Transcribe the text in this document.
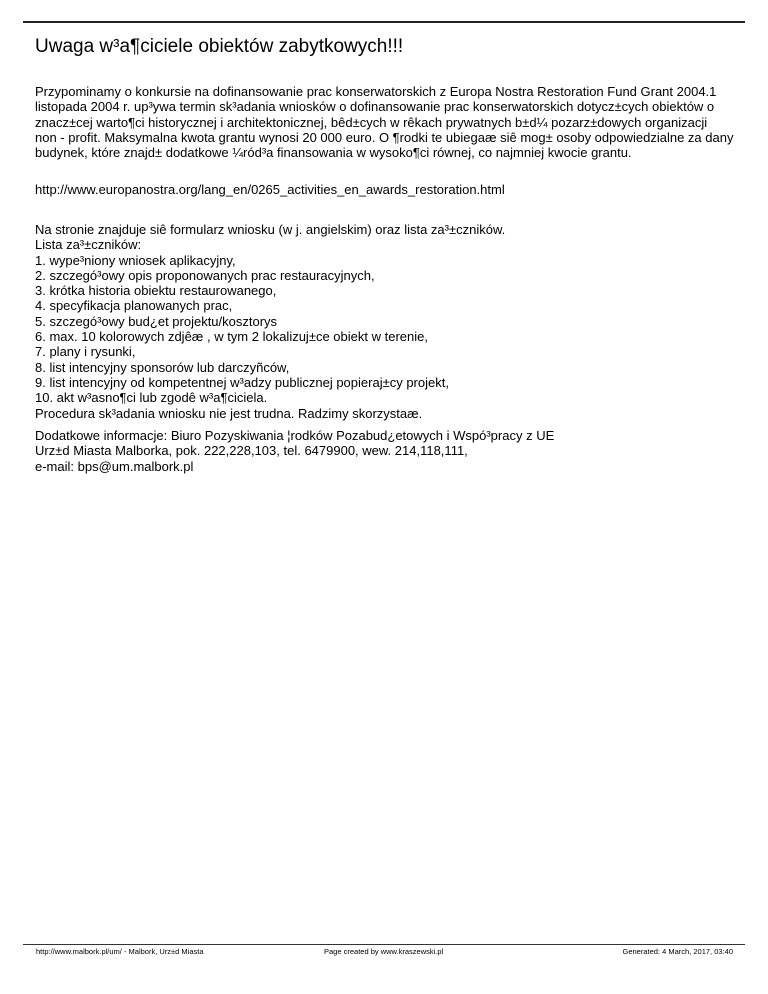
Uwaga w³a¶ciciele obiektów zabytkowych!!!
Przypominamy o konkursie na dofinansowanie prac konserwatorskich z Europa Nostra Restoration Fund Grant 2004.1
listopada 2004 r. up³ywa termin sk³adania wniosków o dofinansowanie prac konserwatorskich dotycz±cych obiektów o
znacz±cej warto¶ci historycznej i architektonicznej, bêd±cych w rêkach prywatnych b±d¼ pozarz±dowych organizacji
non - profit. Maksymalna kwota grantu wynosi 20 000 euro. O ¶rodki te ubiegaæ siê mog± osoby odpowiedzialne za dany
budynek, które znajd± dodatkowe ¼ród³a finansowania w wysoko¶ci równej, co najmniej kwocie grantu.
http://www.europanostra.org/lang_en/0265_activities_en_awards_restoration.html
Na stronie znajduje siê formularz wniosku (w j. angielskim) oraz lista za³±czników.
Lista za³±czników:
1. wype³niony wniosek aplikacyjny,
2. szczegó³owy opis proponowanych prac restauracyjnych,
3. krótka historia obiektu restaurowanego,
4. specyfikacja planowanych prac,
5. szczegó³owy bud¿et projektu/kosztorys
6. max. 10 kolorowych zdjêæ , w tym 2 lokalizuj±ce obiekt w terenie,
7. plany i rysunki,
8. list intencyjny sponsorów lub darczyñców,
9. list intencyjny od kompetentnej w³adzy publicznej popieraj±cy projekt,
10. akt w³asno¶ci lub zgodê w³a¶ciciela.
Procedura sk³adania wniosku nie jest trudna. Radzimy skorzystaæ.
Dodatkowe informacje: Biuro Pozyskiwania ¦rodków Pozabud¿etowych i Wspó³pracy z UE
Urz±d Miasta Malborka, pok. 222,228,103, tel. 6479900, wew. 214,118,111,
e-mail: bps@um.malbork.pl
http://www.malbork.pl/um/ - Malbork, Urz±d Miasta	Page created by www.kraszewski.pl	Generated: 4 March, 2017, 03:40
